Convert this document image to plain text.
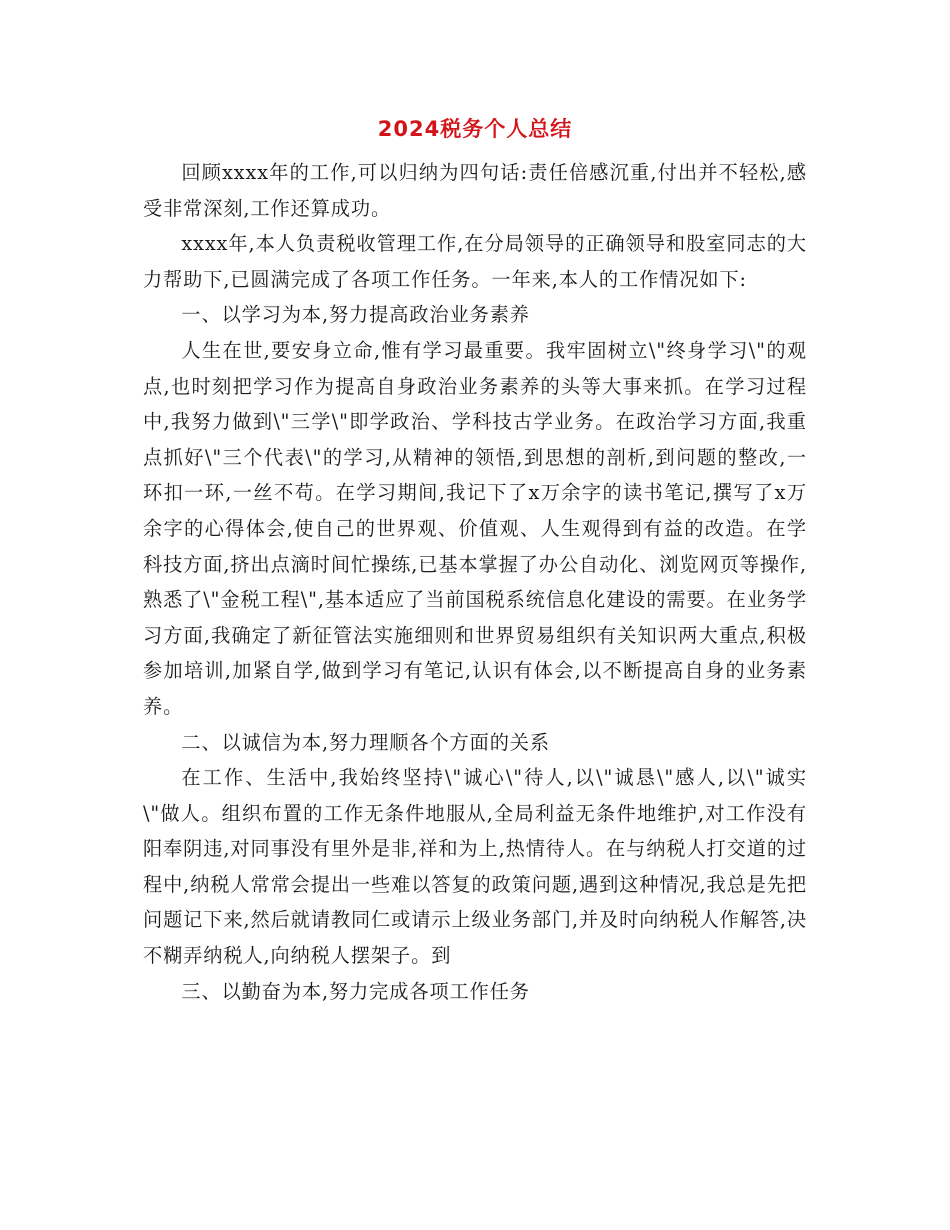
2024税务个人总结

回顾xxxx年的工作,可以归纳为四句话:责任倍感沉重,付出并不轻松,感受非常深刻,工作还算成功。

xxxx年,本人负责税收管理工作,在分局领导的正确领导和股室同志的大力帮助下,已圆满完成了各项工作任务。一年来,本人的工作情况如下:

一、以学习为本,努力提高政治业务素养

人生在世,要安身立命,惟有学习最重要。我牢固树立\"终身学习\"的观点,也时刻把学习作为提高自身政治业务素养的头等大事来抓。在学习过程中,我努力做到\"三学\"即学政治、学科技古学业务。在政治学习方面,我重点抓好\"三个代表\"的学习,从精神的领悟,到思想的剖析,到问题的整改,一环扣一环,一丝不苟。在学习期间,我记下了x万余字的读书笔记,撰写了x万余字的心得体会,使自己的世界观、价值观、人生观得到有益的改造。在学科技方面,挤出点滴时间忙操练,已基本掌握了办公自动化、浏览网页等操作,熟悉了\"金税工程\",基本适应了当前国税系统信息化建设的需要。在业务学习方面,我确定了新征管法实施细则和世界贸易组织有关知识两大重点,积极参加培训,加紧自学,做到学习有笔记,认识有体会,以不断提高自身的业务素养。

二、以诚信为本,努力理顺各个方面的关系

在工作、生活中,我始终坚持\"诚心\"待人,以\"诚恳\"感人,以\"诚实\"做人。组织布置的工作无条件地服从,全局利益无条件地维护,对工作没有阳奉阴违,对同事没有里外是非,祥和为上,热情待人。在与纳税人打交道的过程中,纳税人常常会提出一些难以答复的政策问题,遇到这种情况,我总是先把问题记下来,然后就请教同仁或请示上级业务部门,并及时向纳税人作解答,决不糊弄纳税人,向纳税人摆架子。到

三、以勤奋为本,努力完成各项工作任务
